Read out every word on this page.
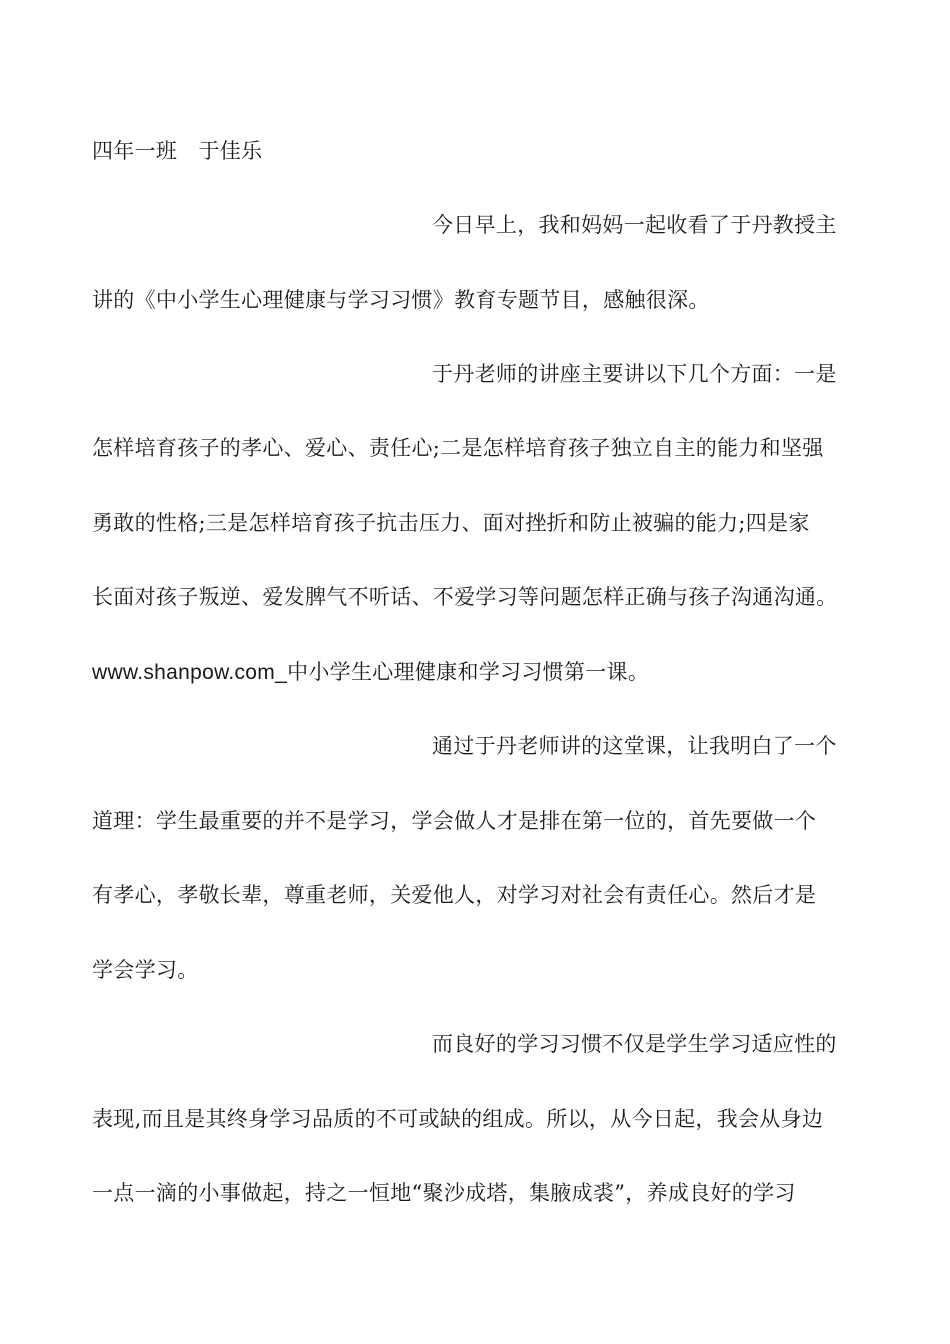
四年一班　于佳乐
今日早上，我和妈妈一起收看了于丹教授主
讲的《中小学生心理健康与学习习惯》教育专题节目，感触很深。
于丹老师的讲座主要讲以下几个方面：一是
怎样培育孩子的孝心、爱心、责任心;二是怎样培育孩子独立自主的能力和坚强
勇敢的性格;三是怎样培育孩子抗击压力、面对挫折和防止被骗的能力;四是家
长面对孩子叛逆、爱发脾气不听话、不爱学习等问题怎样正确与孩子沟通沟通。
www.shanpow.com_中小学生心理健康和学习习惯第一课。
通过于丹老师讲的这堂课，让我明白了一个
道理：学生最重要的并不是学习，学会做人才是排在第一位的，首先要做一个
有孝心，孝敬长辈，尊重老师，关爱他人，对学习对社会有责任心。然后才是
学会学习。
而良好的学习习惯不仅是学生学习适应性的
表现,而且是其终身学习品质的不可或缺的组成。所以，从今日起，我会从身边
一点一滴的小事做起，持之一恒地“聚沙成塔，集腋成裘”，养成良好的学习
